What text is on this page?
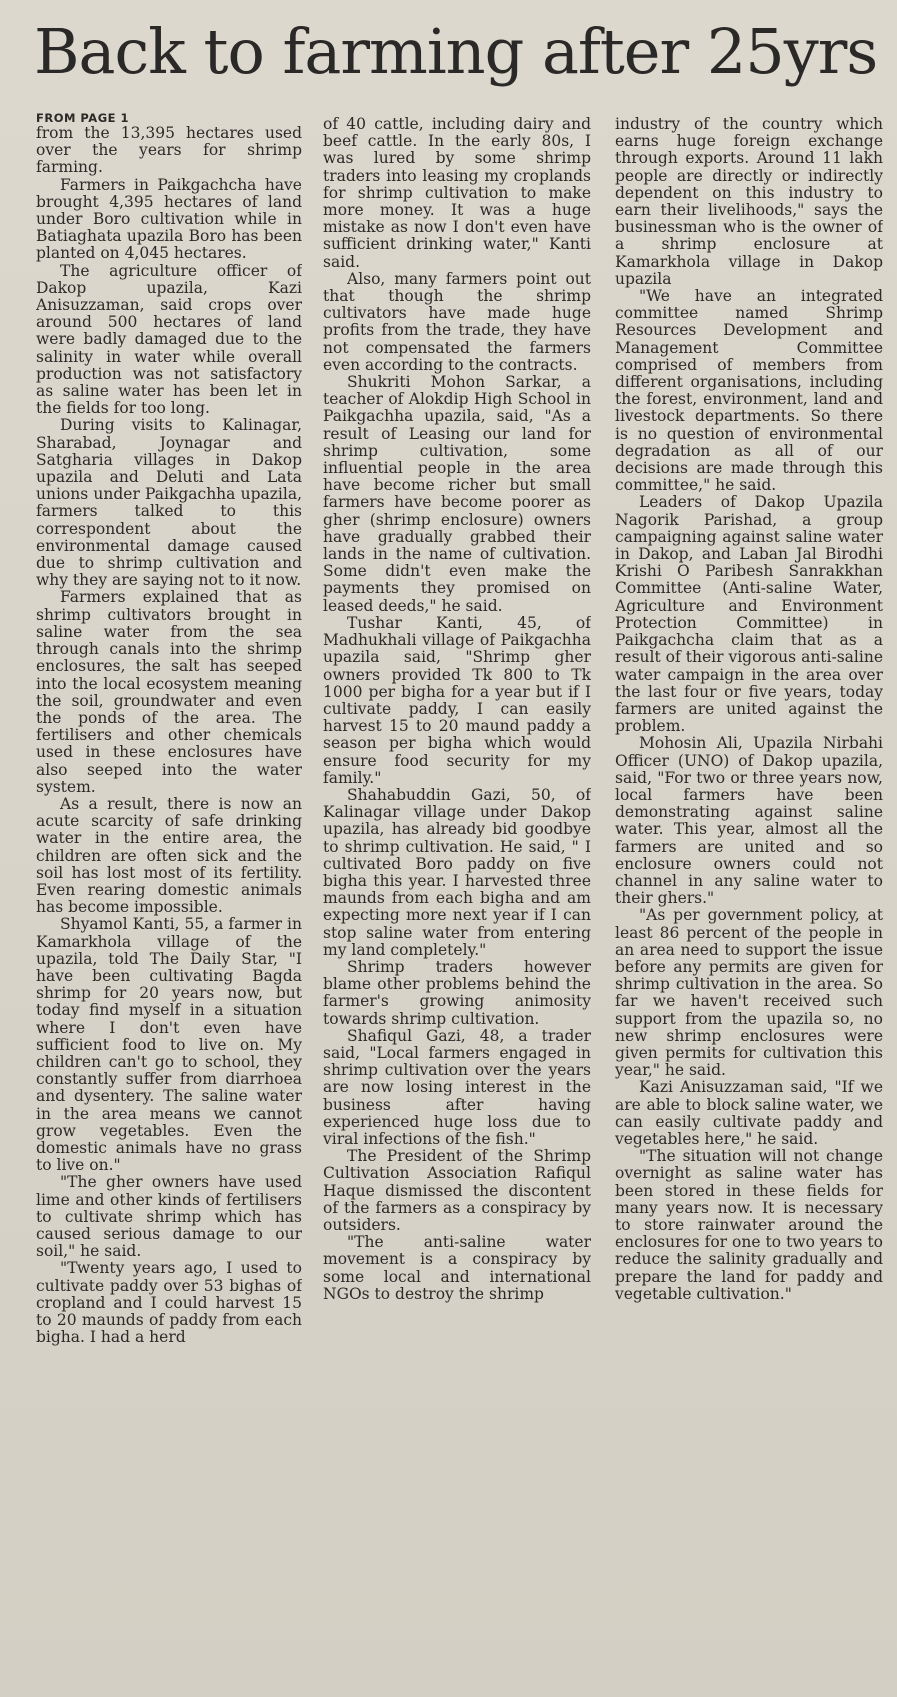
Back to farming after 25yrs
FROM PAGE 1

from the 13,395 hectares used over the years for shrimp farming.

Farmers in Paikgachcha have brought 4,395 hectares of land under Boro cultivation while in Batiaghata upazila Boro has been planted on 4,045 hectares.

The agriculture officer of Dakop upazila, Kazi Anisuzzaman, said crops over around 500 hectares of land were badly damaged due to the salinity in water while overall production was not satisfactory as saline water has been let in the fields for too long.

During visits to Kalinagar, Sharabad, Joynagar and Satgharia villages in Dakop upazila and Deluti and Lata unions under Paikgachha upazila, farmers talked to this correspondent about the environmental damage caused due to shrimp cultivation and why they are saying not to it now.

Farmers explained that as shrimp cultivators brought in saline water from the sea through canals into the shrimp enclosures, the salt has seeped into the local ecosystem meaning the soil, groundwater and even the ponds of the area. The fertilisers and other chemicals used in these enclosures have also seeped into the water system.

As a result, there is now an acute scarcity of safe drinking water in the entire area, the children are often sick and the soil has lost most of its fertility. Even rearing domestic animals has become impossible.

Shyamol Kanti, 55, a farmer in Kamarkhola village of the upazila, told The Daily Star, "I have been cultivating Bagda shrimp for 20 years now, but today find myself in a situation where I don't even have sufficient food to live on. My children can't go to school, they constantly suffer from diarrhoea and dysentery. The saline water in the area means we cannot grow vegetables. Even the domestic animals have no grass to live on."

"The gher owners have used lime and other kinds of fertilisers to cultivate shrimp which has caused serious damage to our soil," he said.

"Twenty years ago, I used to cultivate paddy over 53 bighas of cropland and I could harvest 15 to 20 maunds of paddy from each bigha. I had a herd

of 40 cattle, including dairy and beef cattle. In the early 80s, I was lured by some shrimp traders into leasing my croplands for shrimp cultivation to make more money. It was a huge mistake as now I don't even have sufficient drinking water," Kanti said.

Also, many farmers point out that though the shrimp cultivators have made huge profits from the trade, they have not compensated the farmers even according to the contracts.

Shukriti Mohon Sarkar, a teacher of Alokdip High School in Paikgachha upazila, said, "As a result of Leasing our land for shrimp cultivation, some influential people in the area have become richer but small farmers have become poorer as gher (shrimp enclosure) owners have gradually grabbed their lands in the name of cultivation. Some didn't even make the payments they promised on leased deeds," he said.

Tushar Kanti, 45, of Madhukhali village of Paikgachha upazila said, "Shrimp gher owners provided Tk 800 to Tk 1000 per bigha for a year but if I cultivate paddy, I can easily harvest 15 to 20 maund paddy a season per bigha which would ensure food security for my family."

Shahabuddin Gazi, 50, of Kalinagar village under Dakop upazila, has already bid goodbye to shrimp cultivation. He said, " I cultivated Boro paddy on five bigha this year. I harvested three maunds from each bigha and am expecting more next year if I can stop saline water from entering my land completely."

Shrimp traders however blame other problems behind the farmer's growing animosity towards shrimp cultivation.

Shafiqul Gazi, 48, a trader said, "Local farmers engaged in shrimp cultivation over the years are now losing interest in the business after having experienced huge loss due to viral infections of the fish."

The President of the Shrimp Cultivation Association Rafiqul Haque dismissed the discontent of the farmers as a conspiracy by outsiders.

"The anti-saline water movement is a conspiracy by some local and international NGOs to destroy the shrimp

industry of the country which earns huge foreign exchange through exports. Around 11 lakh people are directly or indirectly dependent on this industry to earn their livelihoods," says the businessman who is the owner of a shrimp enclosure at Kamarkhola village in Dakop upazila

"We have an integrated committee named Shrimp Resources Development and Management Committee comprised of members from different organisations, including the forest, environment, land and livestock departments. So there is no question of environmental degradation as all of our decisions are made through this committee," he said.

Leaders of Dakop Upazila Nagorik Parishad, a group campaigning against saline water in Dakop, and Laban Jal Birodhi Krishi O Paribesh Sanrakkhan Committee (Anti-saline Water, Agriculture and Environment Protection Committee) in Paikgachcha claim that as a result of their vigorous anti-saline water campaign in the area over the last four or five years, today farmers are united against the problem.

Mohosin Ali, Upazila Nirbahi Officer (UNO) of Dakop upazila, said, "For two or three years now, local farmers have been demonstrating against saline water. This year, almost all the farmers are united and so enclosure owners could not channel in any saline water to their ghers."

"As per government policy, at least 86 percent of the people in an area need to support the issue before any permits are given for shrimp cultivation in the area. So far we haven't received such support from the upazila so, no new shrimp enclosures were given permits for cultivation this year," he said.

Kazi Anisuzzaman said, "If we are able to block saline water, we can easily cultivate paddy and vegetables here," he said.

"The situation will not change overnight as saline water has been stored in these fields for many years now. It is necessary to store rainwater around the enclosures for one to two years to reduce the salinity gradually and prepare the land for paddy and vegetable cultivation."
